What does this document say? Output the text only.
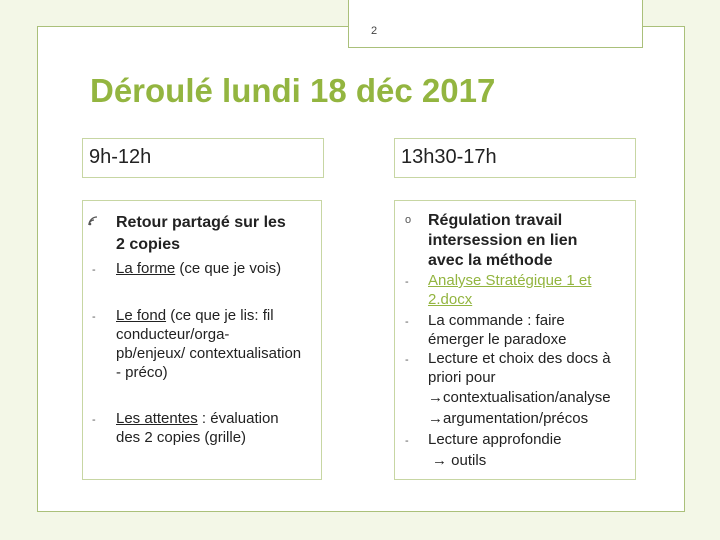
2
Déroulé lundi 18 déc 2017
9h-12h
Retour partagé sur les
2 copies
- La forme (ce que je vois)
- Le fond (ce que je lis: fil
conducteur/orga-
pb/enjeux/ contextualisation
- préco)
- Les attentes : évaluation
des 2 copies (grille)
13h30-17h
o Régulation travail
intersession en lien
avec la méthode
- Analyse Stratégique 1 et
2.docx
- La commande : faire
émerger le paradoxe
- Lecture et choix des docs à
priori pour
→contextualisation/analyse
→argumentation/précos
- Lecture approfondie
→ outils
